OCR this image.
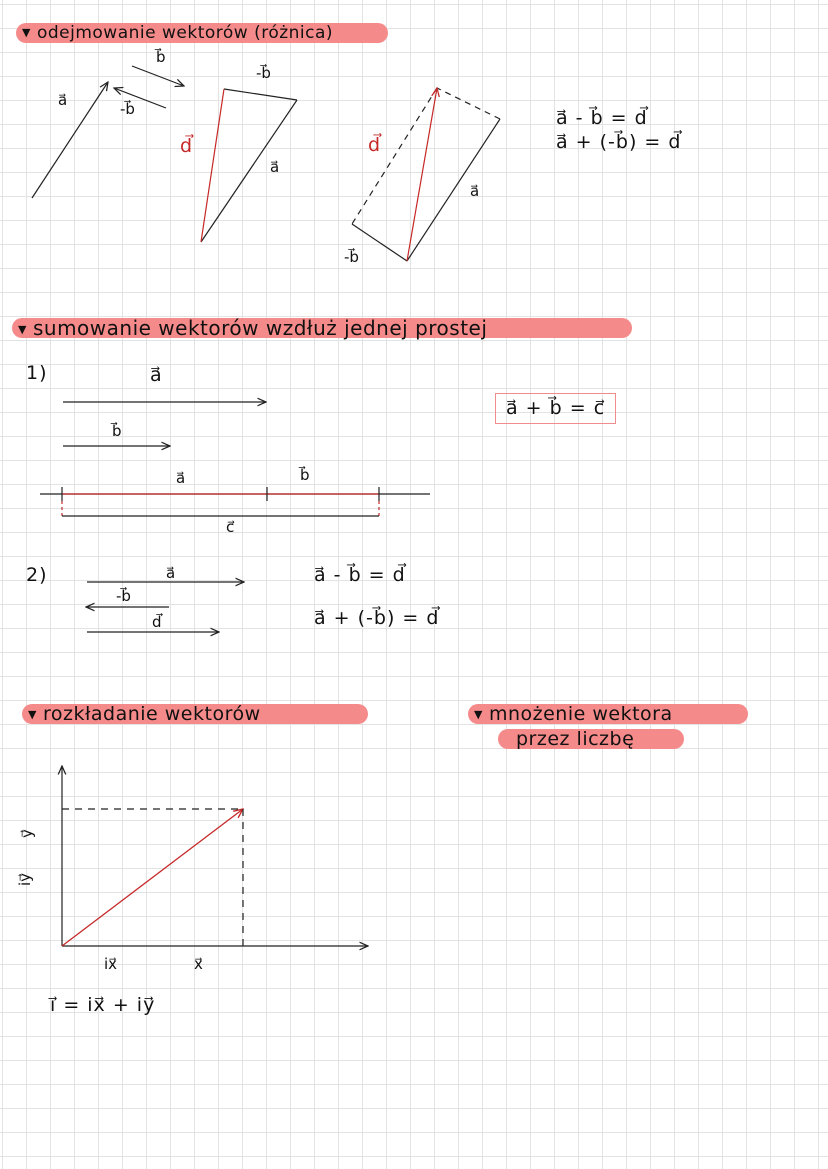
▼ odejmowanie wektorów (różnica)
▼ sumowanie wektorów wzdłuż jednej prostej
▼ rozkładanie wektorów	▼ mnożenie wektora
przez liczbę
a⃗
b⃗
-b⃗
-b⃗
d⃗
a⃗
d⃗
a⃗
-b⃗
a⃗ - b⃗ = d⃗
a⃗ + (-b⃗) = d⃗
1)	a⃗
b⃗
a⃗	b⃗
c⃗
a⃗ + b⃗ = c⃗
2)	a⃗
-b⃗
d⃗
a⃗ - b⃗ = d⃗
a⃗ + (-b⃗) = d⃗
y⃗
iy⃗
ix⃗	x⃗
i⃗ = ix⃗ + iy⃗
